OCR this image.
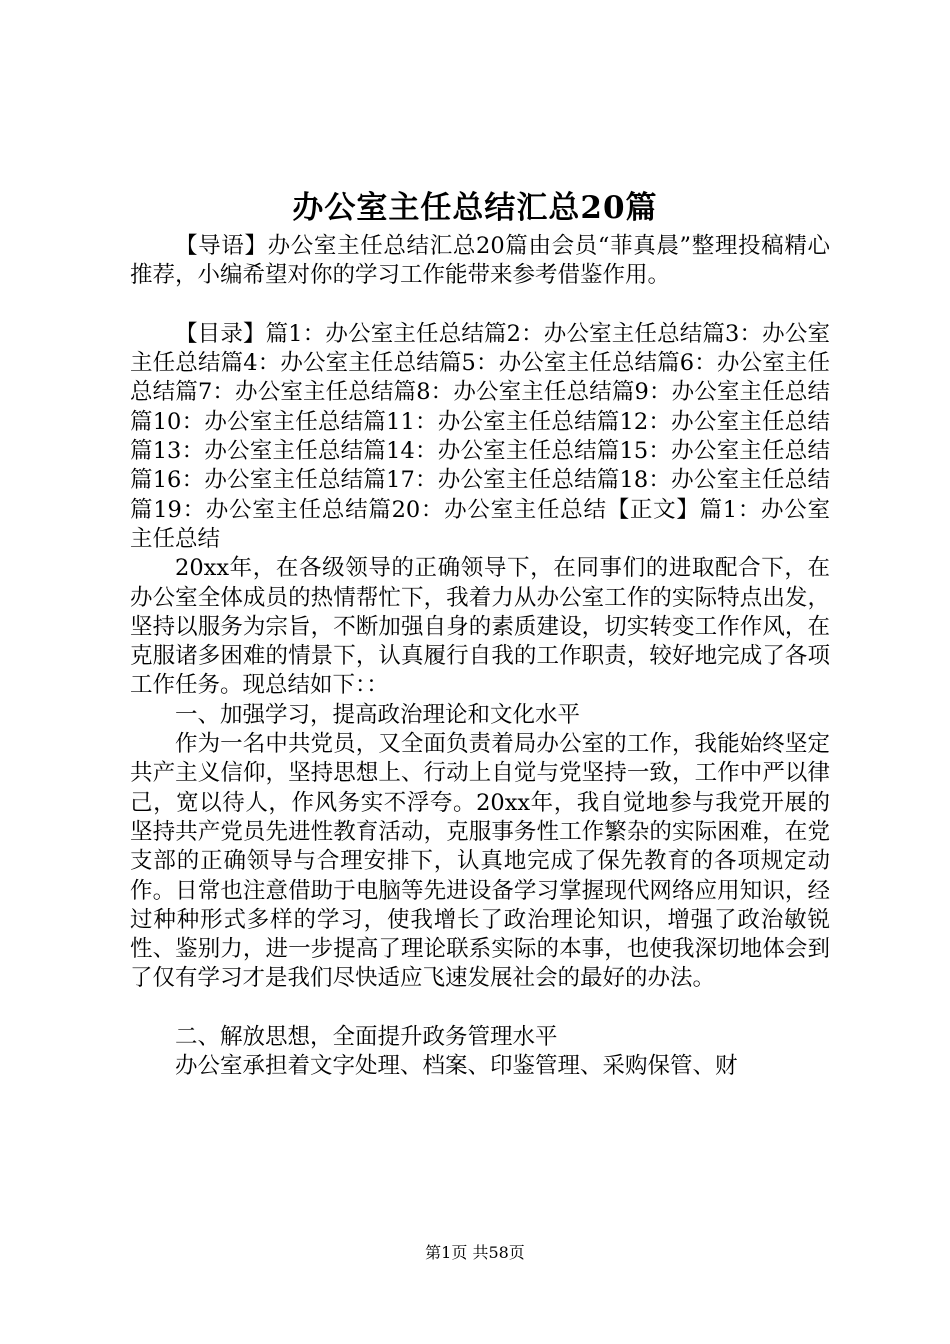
办公室主任总结汇总20篇

【导语】办公室主任总结汇总20篇由会员“菲真晨”整理投稿精心推荐，小编希望对你的学习工作能带来参考借鉴作用。

【目录】篇1：办公室主任总结篇2：办公室主任总结篇3：办公室主任总结篇4：办公室主任总结篇5：办公室主任总结篇6：办公室主任总结篇7：办公室主任总结篇8：办公室主任总结篇9：办公室主任总结篇10：办公室主任总结篇11：办公室主任总结篇12：办公室主任总结篇13：办公室主任总结篇14：办公室主任总结篇15：办公室主任总结篇16：办公室主任总结篇17：办公室主任总结篇18：办公室主任总结篇19：办公室主任总结篇20：办公室主任总结【正文】篇1：办公室主任总结

20xx年，在各级领导的正确领导下，在同事们的进取配合下，在办公室全体成员的热情帮忙下，我着力从办公室工作的实际特点出发，坚持以服务为宗旨，不断加强自身的素质建设，切实转变工作作风，在克服诸多困难的情景下，认真履行自我的工作职责，较好地完成了各项工作任务。现总结如下：：

一、加强学习，提高政治理论和文化水平

作为一名中共党员，又全面负责着局办公室的工作，我能始终坚定共产主义信仰，坚持思想上、行动上自觉与党坚持一致，工作中严以律己，宽以待人，作风务实不浮夸。20xx年，我自觉地参与我党开展的坚持共产党员先进性教育活动，克服事务性工作繁杂的实际困难，在党支部的正确领导与合理安排下，认真地完成了保先教育的各项规定动作。日常也注意借助于电脑等先进设备学习掌握现代网络应用知识，经过种种形式多样的学习，使我增长了政治理论知识，增强了政治敏锐性、鉴别力，进一步提高了理论联系实际的本事，也使我深切地体会到了仅有学习才是我们尽快适应飞速发展社会的最好的办法。

二、解放思想，全面提升政务管理水平

办公室承担着文字处理、档案、印鉴管理、采购保管、财

第1页 共58页
